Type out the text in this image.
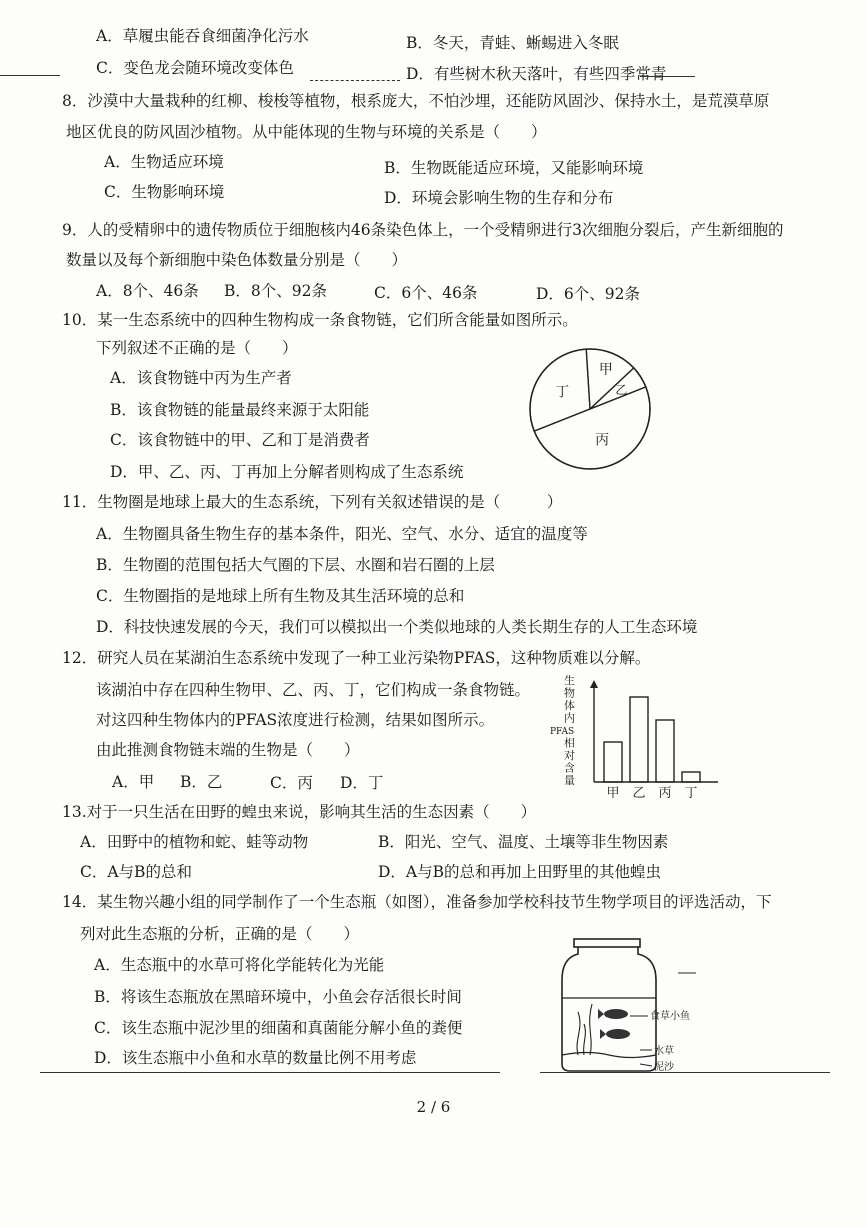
A．草履虫能吞食细菌净化污水	B．冬天，青蛙、蜥蜴进入冬眠
C．变色龙会随环境改变体色	D．有些树木秋天落叶，有些四季常青
8．沙漠中大量栽种的红柳、梭梭等植物，根系庞大，不怕沙埋，还能防风固沙、保持水土，是荒漠草原
地区优良的防风固沙植物。从中能体现的生物与环境的关系是（　　）
A．生物适应环境	B．生物既能适应环境，又能影响环境
C．生物影响环境	D．环境会影响生物的生存和分布
9．人的受精卵中的遗传物质位于细胞核内46条染色体上，一个受精卵进行3次细胞分裂后，产生新细胞的
数量以及每个新细胞中染色体数量分别是（　　）
A．8个、46条 B．8个、92条	C．6个、46条	D．6个、92条
10．某一生态系统中的四种生物构成一条食物链，它们所含能量如图所示。
下列叙述不正确的是（　　）
A．该食物链中丙为生产者
B．该食物链的能量最终来源于太阳能
C．该食物链中的甲、乙和丁是消费者
D．甲、乙、丙、丁再加上分解者则构成了生态系统
乙
甲
丁
丙
11．生物圈是地球上最大的生态系统，下列有关叙述错误的是（　　　）
A．生物圈具备生物生存的基本条件，阳光、空气、水分、适宜的温度等
B．生物圈的范围包括大气圈的下层、水圈和岩石圈的上层
C．生物圈指的是地球上所有生物及其生活环境的总和
D．科技快速发展的今天，我们可以模拟出一个类似地球的人类长期生存的人工生态环境
12．研究人员在某湖泊生态系统中发现了一种工业污染物PFAS，这种物质难以分解。
该湖泊中存在四种生物甲、乙、丙、丁，它们构成一条食物链。
对这四种生物体内的PFAS浓度进行检测，结果如图所示。
由此推测食物链末端的生物是（　　）
A．甲 B．乙	C．丙 D．丁
生物体内 PFAS 相对含量
甲 乙 丙 丁
13.对于一只生活在田野的蝗虫来说，影响其生活的生态因素（　　）
A．田野中的植物和蛇、蛙等动物	B．阳光、空气、温度、土壤等非生物因素
C．A与B的总和	D．A与B的总和再加上田野里的其他蝗虫
14．某生物兴趣小组的同学制作了一个生态瓶（如图），准备参加学校科技节生物学项目的评选活动，下
列对此生态瓶的分析，正确的是（　　）
A．生态瓶中的水草可将化学能转化为光能
B．将该生态瓶放在黑暗环境中，小鱼会存活很长时间
C．该生态瓶中泥沙里的细菌和真菌能分解小鱼的粪便
D．该生态瓶中小鱼和水草的数量比例不用考虑
食草小鱼
水草
泥沙
2 / 6
